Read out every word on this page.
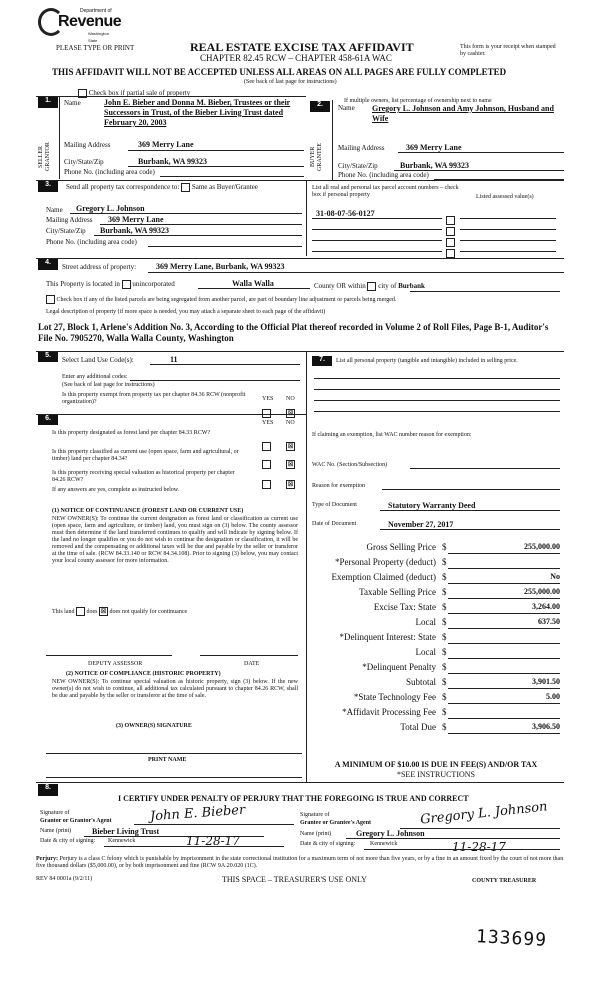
Department of
Revenue
Washington State
PLEASE TYPE OR PRINT	REAL ESTATE EXCISE TAX AFFIDAVIT
CHAPTER 82.45 RCW – CHAPTER 458-61A WAC
This form is your receipt when stamped by cashier.
THIS AFFIDAVIT WILL NOT BE ACCEPTED UNLESS ALL AREAS ON ALL PAGES ARE FULLY COMPLETED
(See back of last page for instructions)
Check box if partial sale of property
If multiple owners, list percentage of ownership next to name
1.
SELLER GRANTOR
Name	John E. Bieber and Donna M. Bieber, Trustees or their Successors in Trust, of the Bieber Living Trust dated February 20, 2003
Mailing Address	369 Merry Lane
City/State/Zip	Burbank, WA 99323
Phone No. (including area code)
2.
BUYER GRANTEE
Name Gregory L. Johnson and Amy Johnson, Husband and Wife
Mailing Address	369 Merry Lane
City/State/Zip	Burbank, WA 99323
Phone No. (including area code)
3.	Send all property tax correspondence to: Same as Buyer/Grantee
Name Gregory L. Johnson
Mailing Address 369 Merry Lane
City/State/Zip Burbank, WA 99323
Phone No. (including area code)
List all real and personal tax parcel account numbers – check box if personal property	Listed assessed value(s)
31-08-07-56-0127
4.
Street address of property: 369 Merry Lane, Burbank, WA 99323
This Property is located in unincorporated	Walla Walla	County OR within city of Burbank
Check box if any of the listed parcels are being segregated from another parcel, are part of boundary line adjustment or parcels being merged.
Legal description of property (if more space is needed, you may attach a separate sheet to each page of the affidavit)
Lot 27, Block 1, Arlene's Addition No. 3, According to the Official Plat thereof recorded in Volume 2 of Roll Files, Page B-1, Auditor's File No. 7905270, Walla Walla County, Washington
5.
Select Land Use Code(s):	11
Enter any additional codes:
(See back of last page for instructions)
Is this property exempt from property tax per chapter 84.36 RCW (nonprofit organization)?	YES NO
⊠
6.
YES NO
Is this property designated as forest land per chapter 84.33 RCW?
⊠
Is this property classified as current use (open space, farm and agricultural, or timber) land per chapter 84.34?
⊠
Is this property receiving special valuation as historical property per chapter 84.26 RCW?	⊠
If any answers are yes, complete as instructed below.
(1) NOTICE OF CONTINUANCE (FOREST LAND OR CURRENT USE)
NEW OWNER(S): To continue the current designation as forest land or classification as current use (open space, farm and agriculture, or timber) land, you must sign on (3) below. The county assessor must then determine if the land transferred continues to qualify and will indicate by signing below. If the land no longer qualifies or you do not wish to continue the designation or classification, it will be removed and the compensating or additional taxes will be due and payable by the seller or transferor at the time of sale. (RCW 84.33.140 or RCW 84.34.108). Prior to signing (3) below, you may contact your local county assessor for more information.
This land does ⊠ does not qualify for continuance
DEPUTY ASSESSOR	DATE
(2) NOTICE OF COMPLIANCE (HISTORIC PROPERTY)
NEW OWNER(S): To continue special valuation as historic property, sign (3) below. If the new owner(s) do not wish to continue, all additional tax calculated pursuant to chapter 84.26 RCW, shall be due and payable by the seller or transferor at the time of sale.
(3) OWNER(S) SIGNATURE
PRINT NAME
7.	List all personal property (tangible and intangible) included in selling price.
If claiming an exemption, list WAC number reason for exemption:
WAC No. (Section/Subsection)
Reason for exemption
Type of Document	Statutory Warranty Deed
Date of Document	November 27, 2017
Gross Selling Price $	255,000.00
*Personal Property (deduct) $
Exemption Claimed (deduct) $	No
Taxable Selling Price $	255,000.00
Excise Tax: State $	3,264.00
Local $	637.50
*Delinquent Interest: State $
Local $
*Delinquent Penalty $
Subtotal $	3,901.50
*State Technology Fee $	5.00
*Affidavit Processing Fee $
Total Due $	3,906.50
A MINIMUM OF $10.00 IS DUE IN FEE(S) AND/OR TAX
*SEE INSTRUCTIONS
8.
I CERTIFY UNDER PENALTY OF PERJURY THAT THE FOREGOING IS TRUE AND CORRECT
Signature of
Grantor or Grantor's Agent	John E. Bieber
Name (print)	Bieber Living Trust
Date & city of signing: Kennewick	11-28-17
Signature of
Grantee or Grantee's Agent	Gregory L. Johnson
Name (print)	Gregory L. Johnson
Date & city of signing: Kennewick	11-28-17
Perjury: Perjury is a class C felony which is punishable by imprisonment in the state correctional institution for a maximum term of not more than five years, or by a fine in an amount fixed by the court of not more than five thousand dollars ($5,000.00), or by both imprisonment and fine (RCW 9A.20.020 (1C).
REV 84 0001a (9/2/11)	THIS SPACE – TREASURER'S USE ONLY	COUNTY TREASURER
133699
